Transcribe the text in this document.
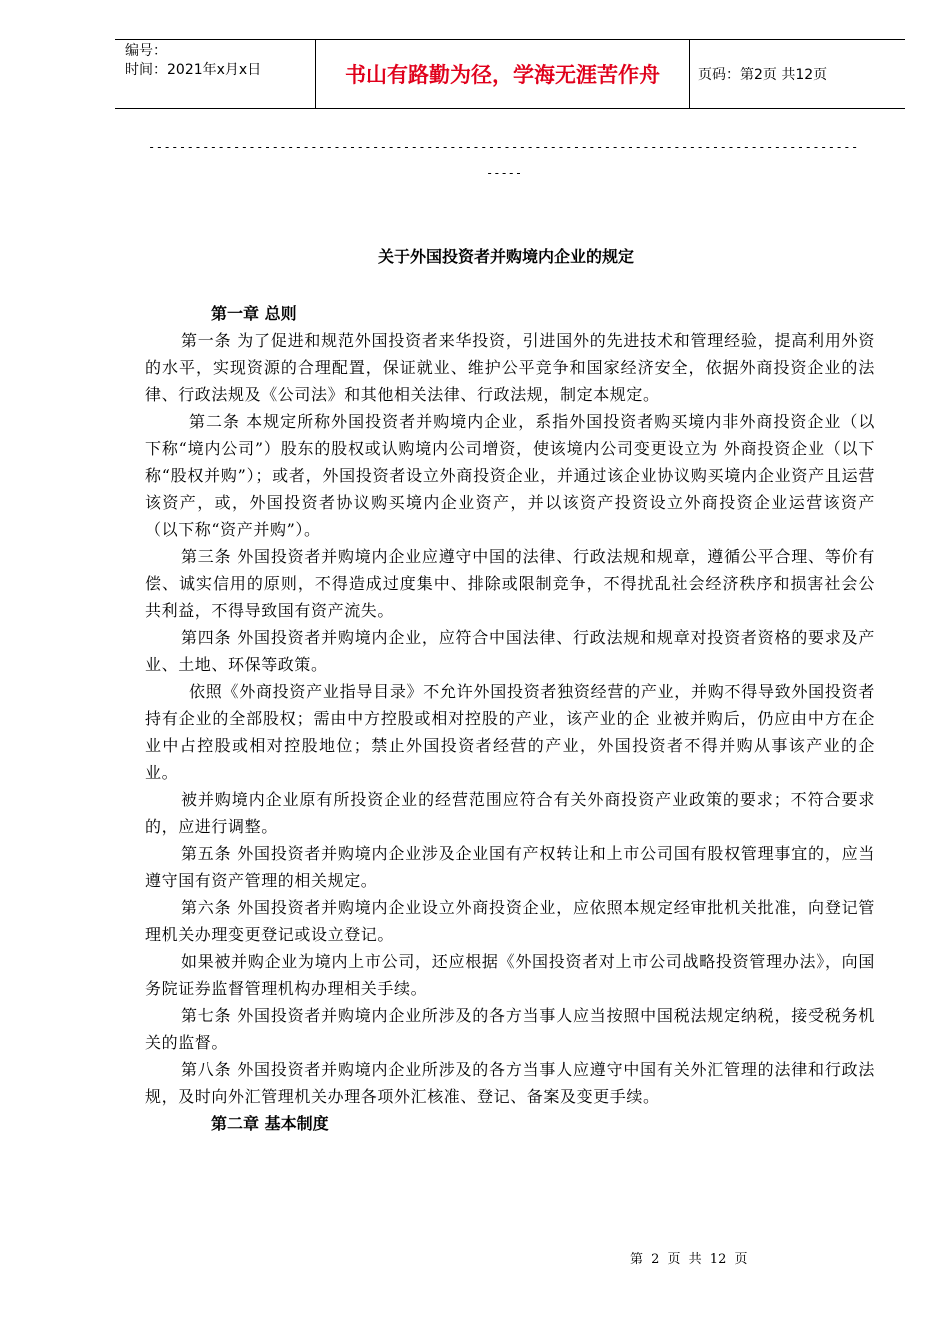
编号：
时间：2021年x月x日	书山有路勤为径，学海无涯苦作舟	页码：第2页 共12页
--------------------------------------------------------------------------------------------
-----
关于外国投资者并购境内企业的规定
第一章 总则

第一条 为了促进和规范外国投资者来华投资，引进国外的先进技术和管理经验，提高利用外资的水平，实现资源的合理配置，保证就业、维护公平竞争和国家经济安全，依据外商投资企业的法律、行政法规及《公司法》和其他相关法律、行政法规，制定本规定。

第二条 本规定所称外国投资者并购境内企业，系指外国投资者购买境内非外商投资企业（以下称“境内公司”）股东的股权或认购境内公司增资，使该境内公司变更设立为 外商投资企业（以下称“股权并购”）；或者，外国投资者设立外商投资企业，并通过该企业协议购买境内企业资产且运营该资产，或，外国投资者协议购买境内企业资产，并以该资产投资设立外商投资企业运营该资产（以下称“资产并购”）。

第三条 外国投资者并购境内企业应遵守中国的法律、行政法规和规章，遵循公平合理、等价有偿、诚实信用的原则，不得造成过度集中、排除或限制竞争，不得扰乱社会经济秩序和损害社会公共利益，不得导致国有资产流失。

第四条 外国投资者并购境内企业，应符合中国法律、行政法规和规章对投资者资格的要求及产业、土地、环保等政策。

依照《外商投资产业指导目录》不允许外国投资者独资经营的产业，并购不得导致外国投资者持有企业的全部股权；需由中方控股或相对控股的产业，该产业的企 业被并购后，仍应由中方在企业中占控股或相对控股地位；禁止外国投资者经营的产业，外国投资者不得并购从事该产业的企业。

被并购境内企业原有所投资企业的经营范围应符合有关外商投资产业政策的要求；不符合要求的，应进行调整。

第五条 外国投资者并购境内企业涉及企业国有产权转让和上市公司国有股权管理事宜的，应当遵守国有资产管理的相关规定。

第六条 外国投资者并购境内企业设立外商投资企业，应依照本规定经审批机关批准，向登记管理机关办理变更登记或设立登记。

如果被并购企业为境内上市公司，还应根据《外国投资者对上市公司战略投资管理办法》，向国务院证券监督管理机构办理相关手续。

第七条 外国投资者并购境内企业所涉及的各方当事人应当按照中国税法规定纳税，接受税务机关的监督。

第八条 外国投资者并购境内企业所涉及的各方当事人应遵守中国有关外汇管理的法律和行政法规，及时向外汇管理机关办理各项外汇核准、登记、备案及变更手续。

第二章 基本制度
第 2 页 共 12 页
